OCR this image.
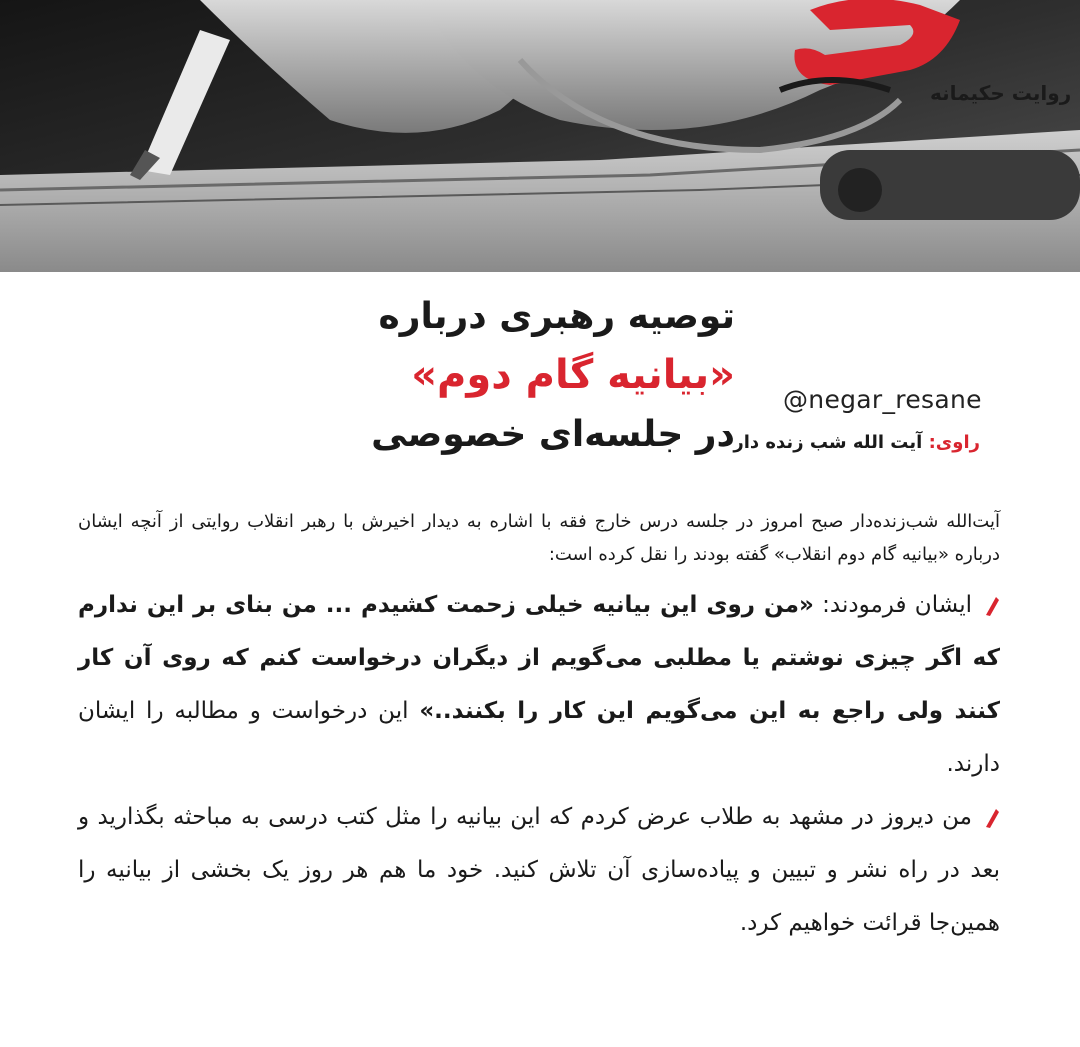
روایت حکیمانه
@negar_resane
راوی: آیت الله شب زنده دار
توصیه رهبری درباره
«بیانیه گام دوم»
در جلسه‌ای خصوصی

آیت‌الله شب‌زنده‌دار صبح امروز در جلسه درس خارج فقه با اشاره به دیدار اخیرش با رهبر انقلاب روایتی از آنچه ایشان درباره «بیانیه گام دوم انقلاب» گفته بودند را نقل کرده است:

ایشان فرمودند: «من روی این بیانیه خیلی زحمت کشیدم ... من بنای بر این ندارم که اگر چیزی نوشتم یا مطلبی می‌گویم از دیگران درخواست کنم که روی آن کار کنند ولی راجع به این می‌گویم این کار را بکنند..» این درخواست و مطالبه را ایشان دارند.

من دیروز در مشهد به طلاب عرض کردم که این بیانیه را مثل کتب درسی به مباحثه بگذارید و بعد در راه نشر و تبیین و پیاده‌سازی آن تلاش کنید. خود ما هم هر روز یک بخشی از بیانیه را همین‌جا قرائت خواهیم کرد.
